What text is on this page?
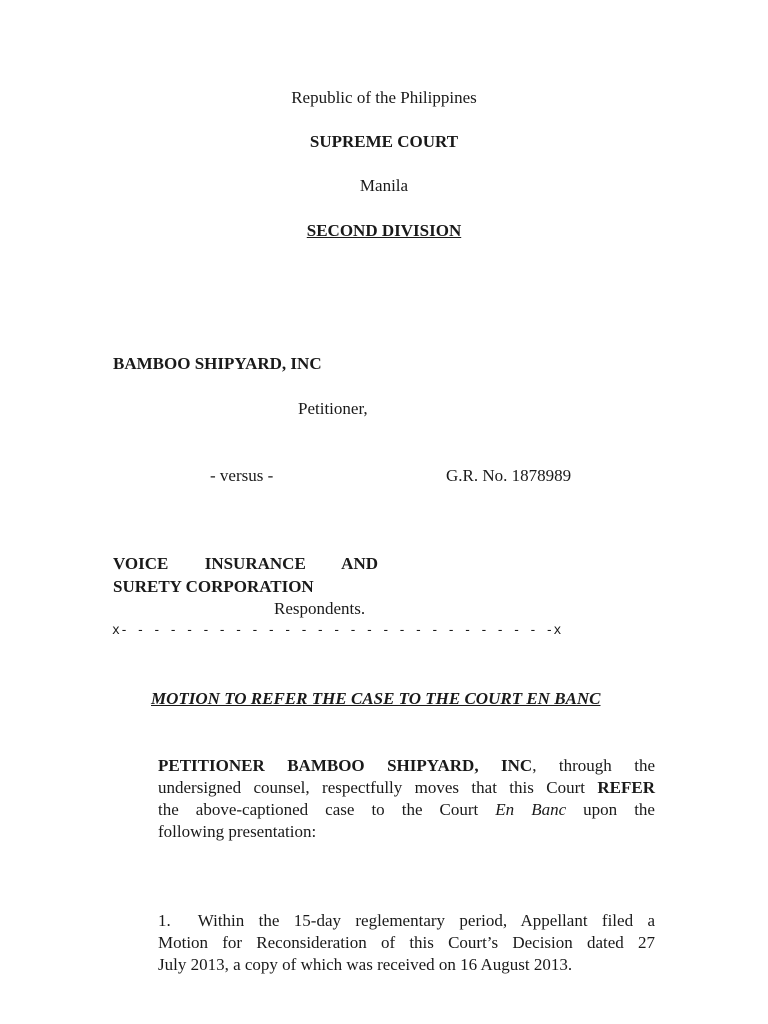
Republic of the Philippines
SUPREME COURT
Manila
SECOND DIVISION
BAMBOO SHIPYARD, INC
Petitioner,
- versus -	G.R. No. 1878989
VOICE INSURANCE AND
SURETY CORPORATION
Respondents.
x- - - - - - - - - - - - - - - - - - - - - - - - - - -x
MOTION TO REFER THE CASE TO THE COURT EN BANC
PETITIONER BAMBOO SHIPYARD, INC, through the
undersigned counsel, respectfully moves that this Court REFER
the above-captioned case to the Court En Banc upon the
following presentation:
1. Within the 15-day reglementary period, Appellant filed a
Motion for Reconsideration of this Court’s Decision dated 27
July 2013, a copy of which was received on 16 August 2013.
